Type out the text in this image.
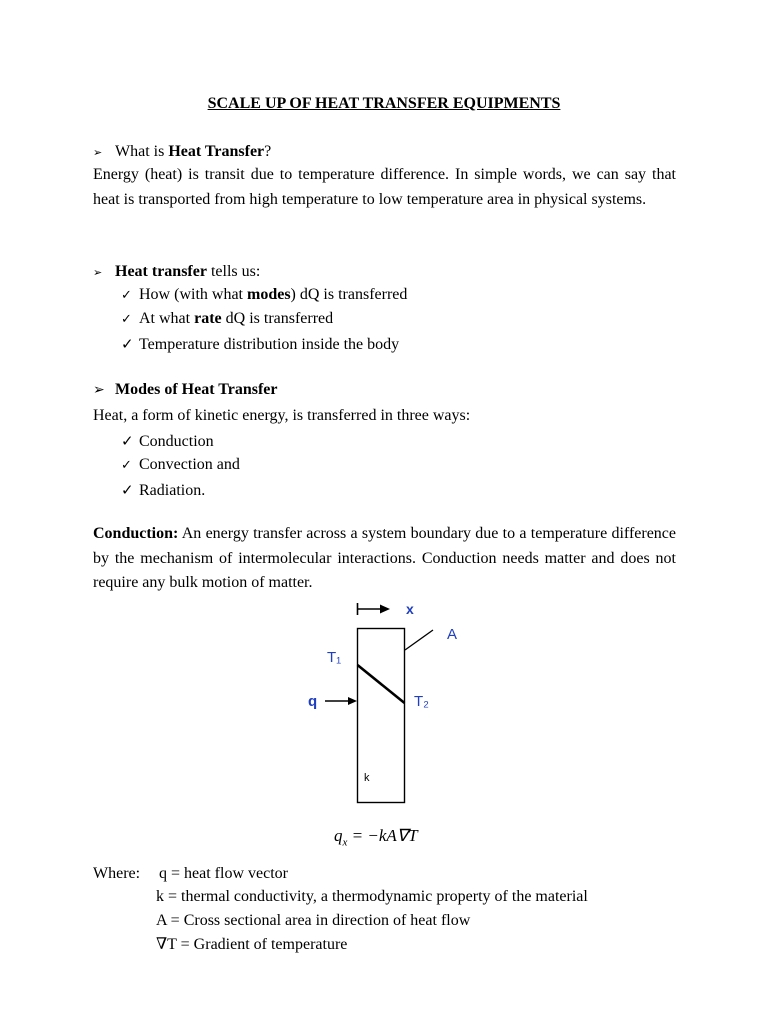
SCALE UP OF HEAT TRANSFER EQUIPMENTS
➢ What is Heat Transfer?
Energy (heat) is transit due to temperature difference. In simple words, we can say that heat is transported from high temperature to low temperature area in physical systems.
➢ Heat transfer tells us:
✓ How (with what modes) dQ is transferred
✓ At what rate dQ is transferred
✓ Temperature distribution inside the body
➢ Modes of Heat Transfer
Heat, a form of kinetic energy, is transferred in three ways:
✓ Conduction
✓ Convection and
✓ Radiation.
Conduction: An energy transfer across a system boundary due to a temperature difference by the mechanism of intermolecular interactions. Conduction needs matter and does not require any bulk motion of matter.
x
A
T₁
T₂
q
k
$q_x = -kA\nabla T$
Where: q = heat flow vector
k = thermal conductivity, a thermodynamic property of the material
A = Cross sectional area in direction of heat flow
∇T = Gradient of temperature
